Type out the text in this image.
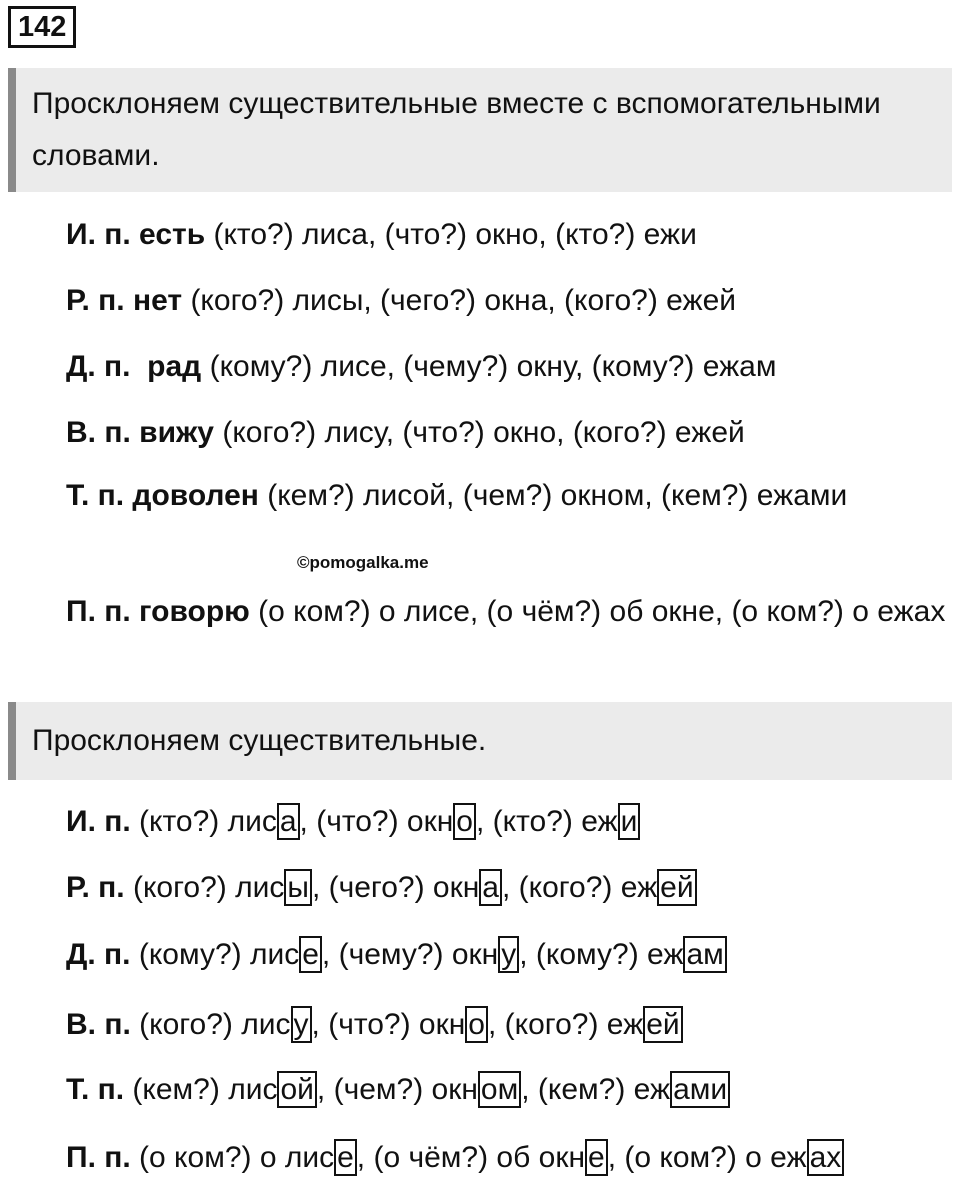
142
Просклоняем существительные вместе с вспомогательными словами.
И. п. есть (кто?) лиса, (что?) окно, (кто?) ежи
Р. п. нет (кого?) лисы, (чего?) окна, (кого?) ежей
Д. п. рад (кому?) лисе, (чему?) окну, (кому?) ежам
В. п. вижу (кого?) лису, (что?) окно, (кого?) ежей
Т. п. доволен (кем?) лисой, (чем?) окном, (кем?) ежами
©pomogalka.me
П. п. говорю (о ком?) о лисе, (о чём?) об окне, (о ком?) о ежах
Просклоняем существительные.
И. п. (кто?) лис а , (что?) окн о , (кто?) еж и
Р. п. (кого?) лис ы , (чего?) окн а , (кого?) еж ей
Д. п. (кому?) лис е , (чему?) окн у , (кому?) еж ам
В. п. (кого?) лис у , (что?) окн о , (кого?) еж ей
Т. п. (кем?) лис ой , (чем?) окн ом , (кем?) еж ами
П. п. (о ком?) о лис е , (о чём?) об окн е , (о ком?) о еж ах
